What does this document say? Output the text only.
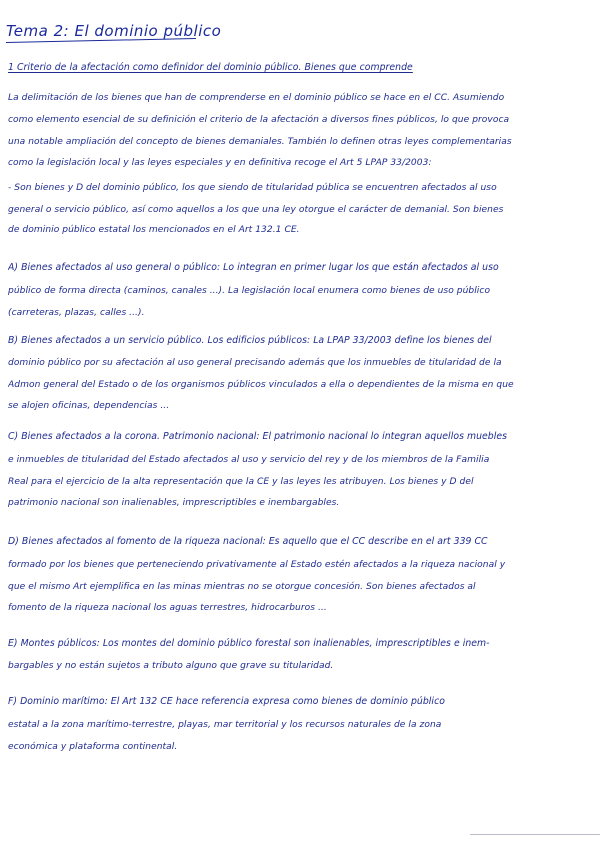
Tema 2: El dominio público
1 Criterio de la afectación como definidor del dominio público. Bienes que comprende
La delimitación de los bienes que han de comprenderse en el dominio público se hace en el CC. Asumiendo
como elemento esencial de su definición el criterio de la afectación a diversos fines públicos, lo que provoca
una notable ampliación del concepto de bienes demaniales. También lo definen otras leyes complementarias
como la legislación local y las leyes especiales y en definitiva recoge el Art 5 LPAP 33/2003:
- Son bienes y D del dominio público, los que siendo de titularidad pública se encuentren afectados al uso
general o servicio público, así como aquellos a los que una ley otorgue el carácter de demanial. Son bienes
de dominio público estatal los mencionados en el Art 132.1 CE.
A) Bienes afectados al uso general o público: Lo integran en primer lugar los que están afectados al uso
público de forma directa (caminos, canales ...). La legislación local enumera como bienes de uso público
(carreteras, plazas, calles ...).
B) Bienes afectados a un servicio público. Los edificios públicos: La LPAP 33/2003 define los bienes del
dominio público por su afectación al uso general precisando además que los inmuebles de titularidad de la
Admon general del Estado o de los organismos públicos vinculados a ella o dependientes de la misma en que
se alojen oficinas, dependencias ...
C) Bienes afectados a la corona. Patrimonio nacional: El patrimonio nacional lo integran aquellos muebles
e inmuebles de titularidad del Estado afectados al uso y servicio del rey y de los miembros de la Familia
Real para el ejercicio de la alta representación que la CE y las leyes les atribuyen. Los bienes y D del
patrimonio nacional son inalienables, imprescriptibles e inembargables.
D) Bienes afectados al fomento de la riqueza nacional: Es aquello que el CC describe en el art 339 CC
formado por los bienes que perteneciendo privativamente al Estado estén afectados a la riqueza nacional y
que el mismo Art ejemplifica en las minas mientras no se otorgue concesión. Son bienes afectados al
fomento de la riqueza nacional los aguas terrestres, hidrocarburos ...
E) Montes públicos: Los montes del dominio público forestal son inalienables, imprescriptibles e inem-
bargables y no están sujetos a tributo alguno que grave su titularidad.
F) Dominio marítimo: El Art 132 CE hace referencia expresa como bienes de dominio público
estatal a la zona marítimo-terrestre, playas, mar territorial y los recursos naturales de la zona
económica y plataforma continental.
